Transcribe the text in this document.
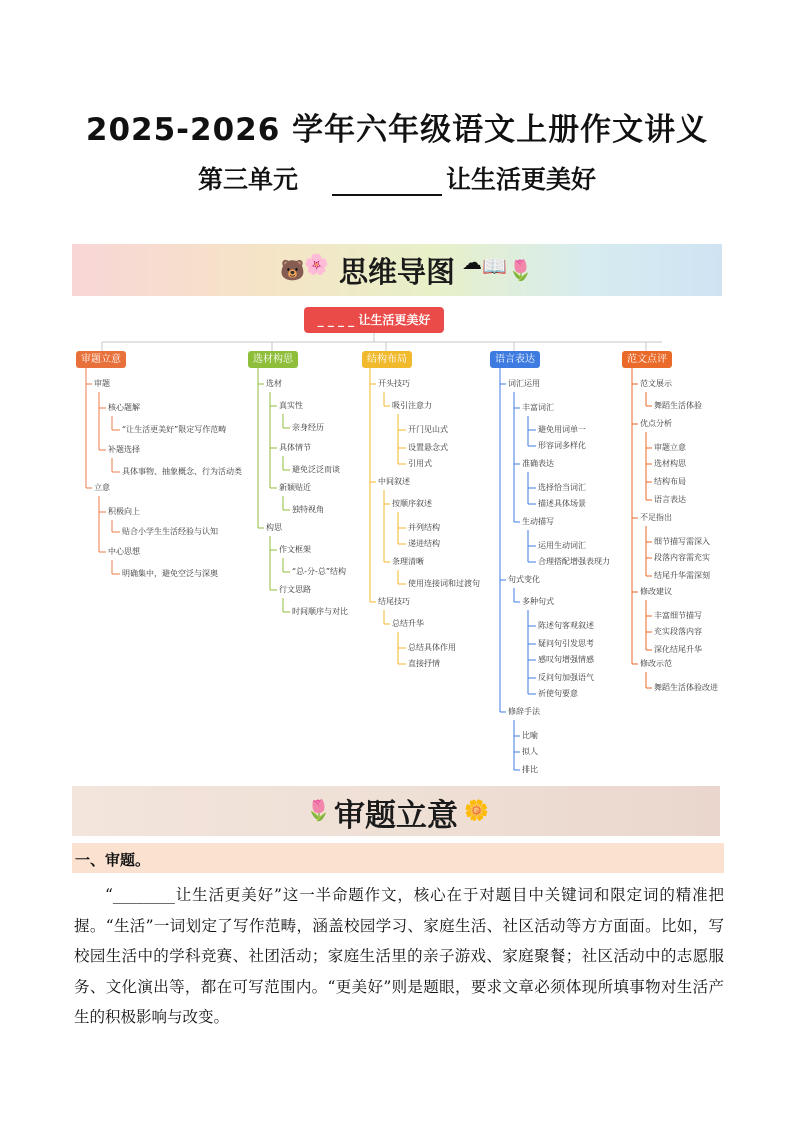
2025-2026 学年六年级语文上册作文讲义
第三单元	让生活更美好
🐻 🌸 思维导图 ☁ 📖 🌷
_ _ _ _ 让生活更美好
审题立意	选材构思	结构布局	语言表达	范文点评
审题
核心题解
“让生活更美好”限定写作范畴
补题选择
具体事物、抽象概念、行为活动类
立意
积极向上
贴合小学生生活经验与认知
中心思想
明确集中，避免空泛与深奥
选材
真实性
亲身经历
具体情节
避免泛泛而谈
新颖贴近
独特视角
构思
作文框架
“总-分-总”结构
行文思路
时间顺序与对比
开头技巧
吸引注意力
开门见山式
设置悬念式
引用式
中间叙述
按顺序叙述
并列结构
递进结构
条理清晰
使用连接词和过渡句
结尾技巧
总结升华
总结具体作用
直接抒情
词汇运用
丰富词汇
避免用词单一
形容词多样化
准确表达
选择恰当词汇
描述具体场景
生动描写
运用生动词汇
合理搭配增强表现力
句式变化
多种句式
陈述句客观叙述
疑问句引发思考
感叹句增强情感
反问句加强语气
祈使句要意
修辞手法
比喻
拟人
排比
范文展示
舞蹈生活体验
优点分析
审题立意
选材构思
结构布局
语言表达
不足指出
细节描写需深入
段落内容需充实
结尾升华需深刻
修改建议
丰富细节描写
充实段落内容
深化结尾升华
修改示范
舞蹈生活体验改进
🌷 审题立意 🌼
一、审题。
“________让生活更美好”这一半命题作文，核心在于对题目中关键词和限定词的精准把握。“生活”一词划定了写作范畴，涵盖校园学习、家庭生活、社区活动等方方面面。比如，写校园生活中的学科竞赛、社团活动；家庭生活里的亲子游戏、家庭聚餐；社区活动中的志愿服务、文化演出等，都在可写范围内。“更美好”则是题眼，要求文章必须体现所填事物对生活产生的积极影响与改变。
